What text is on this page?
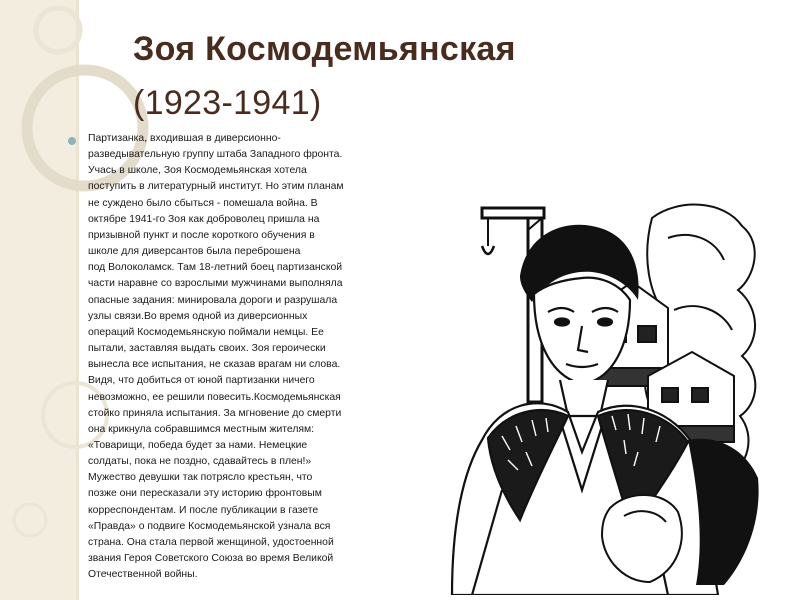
Зоя Космодемьянская
(1923-1941)

Партизанка, входившая в диверсионно-
разведывательную группу штаба Западного фронта.
Учась в школе, Зоя Космодемьянская хотела
поступить в литературный институт. Но этим планам
не суждено было сбыться - помешала война. В
октябре 1941-го Зоя как доброволец пришла на
призывной пункт и после короткого обучения в
школе для диверсантов была переброшена
под Волоколамск. Там 18-летний боец партизанской
части наравне со взрослыми мужчинами выполняла
опасные задания: минировала дороги и разрушала
узлы связи.Во время одной из диверсионных
операций Космодемьянскую поймали немцы. Ее
пытали, заставляя выдать своих. Зоя героически
вынесла все испытания, не сказав врагам ни слова.
Видя, что добиться от юной партизанки ничего
невозможно, ее решили повесить.Космодемьянская
стойко приняла испытания. За мгновение до смерти
она крикнула собравшимся местным жителям:
«Товарищи, победа будет за нами. Немецкие
солдаты, пока не поздно, сдавайтесь в плен!»
Мужество девушки так потрясло крестьян, что
позже они пересказали эту историю фронтовым
корреспондентам. И после публикации в газете
«Правда» о подвиге Космодемьянской узнала вся
страна. Она стала первой женщиной, удостоенной
звания Героя Советского Союза во время Великой
Отечественной войны.
